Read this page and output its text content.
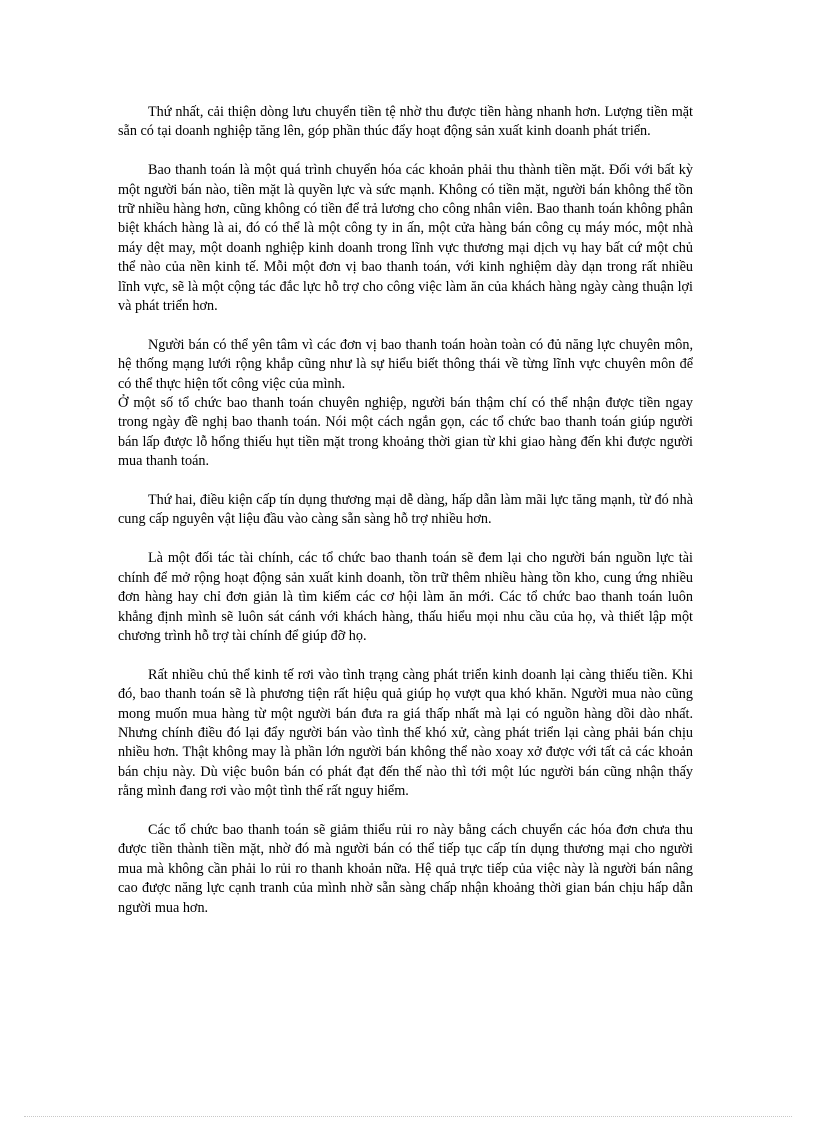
Thứ nhất, cải thiện dòng lưu chuyển tiền tệ nhờ thu được tiền hàng nhanh hơn. Lượng tiền mặt sẵn có tại doanh nghiệp tăng lên, góp phần thúc đẩy hoạt động sản xuất kinh doanh phát triển.

Bao thanh toán là một quá trình chuyển hóa các khoản phải thu thành tiền mặt. Đối với bất kỳ một người bán nào, tiền mặt là quyền lực và sức mạnh. Không có tiền mặt, người bán không thể tồn trữ nhiều hàng hơn, cũng không có tiền để trả lương cho công nhân viên. Bao thanh toán không phân biệt khách hàng là ai, đó có thể là một công ty in ấn, một cửa hàng bán công cụ máy móc, một nhà máy dệt may, một doanh nghiệp kinh doanh trong lĩnh vực thương mại dịch vụ hay bất cứ một chủ thể nào của nền kinh tế. Mỗi một đơn vị bao thanh toán, với kinh nghiệm dày dạn trong rất nhiều lĩnh vực, sẽ là một cộng tác đắc lực hỗ trợ cho công việc làm ăn của khách hàng ngày càng thuận lợi và phát triển hơn.

Người bán có thể yên tâm vì các đơn vị bao thanh toán hoàn toàn có đủ năng lực chuyên môn, hệ thống mạng lưới rộng khắp cũng như là sự hiểu biết thông thái về từng lĩnh vực chuyên môn để có thể thực hiện tốt công việc của mình.

Ở một số tổ chức bao thanh toán chuyên nghiệp, người bán thậm chí có thể nhận được tiền ngay trong ngày đề nghị bao thanh toán. Nói một cách ngắn gọn, các tổ chức bao thanh toán giúp người bán lấp được lỗ hổng thiếu hụt tiền mặt trong khoảng thời gian từ khi giao hàng đến khi được người mua thanh toán.

Thứ hai, điều kiện cấp tín dụng thương mại dễ dàng, hấp dẫn làm mãi lực tăng mạnh, từ đó nhà cung cấp nguyên vật liệu đầu vào càng sẵn sàng hỗ trợ nhiều hơn.

Là một đối tác tài chính, các tổ chức bao thanh toán sẽ đem lại cho người bán nguồn lực tài chính để mở rộng hoạt động sản xuất kinh doanh, tồn trữ thêm nhiều hàng tồn kho, cung ứng nhiều đơn hàng hay chỉ đơn giản là tìm kiếm các cơ hội làm ăn mới. Các tổ chức bao thanh toán luôn khẳng định mình sẽ luôn sát cánh với khách hàng, thấu hiểu mọi nhu cầu của họ, và thiết lập một chương trình hỗ trợ tài chính để giúp đỡ họ.

Rất nhiều chủ thể kinh tế rơi vào tình trạng càng phát triển kinh doanh lại càng thiếu tiền. Khi đó, bao thanh toán sẽ là phương tiện rất hiệu quả giúp họ vượt qua khó khăn. Người mua nào cũng mong muốn mua hàng từ một người bán đưa ra giá thấp nhất mà lại có nguồn hàng dồi dào nhất. Nhưng chính điều đó lại đẩy người bán vào tình thế khó xử, càng phát triển lại càng phải bán chịu nhiều hơn. Thật không may là phần lớn người bán không thể nào xoay xở được với tất cả các khoản bán chịu này. Dù việc buôn bán có phát đạt đến thế nào thì tới một lúc người bán cũng nhận thấy rằng mình đang rơi vào một tình thế rất nguy hiểm.

Các tổ chức bao thanh toán sẽ giảm thiểu rủi ro này bằng cách chuyển các hóa đơn chưa thu được tiền thành tiền mặt, nhờ đó mà người bán có thể tiếp tục cấp tín dụng thương mại cho người mua mà không cần phải lo rủi ro thanh khoản nữa. Hệ quả trực tiếp của việc này là người bán nâng cao được năng lực cạnh tranh của mình nhờ sẵn sàng chấp nhận khoảng thời gian bán chịu hấp dẫn người mua hơn.
